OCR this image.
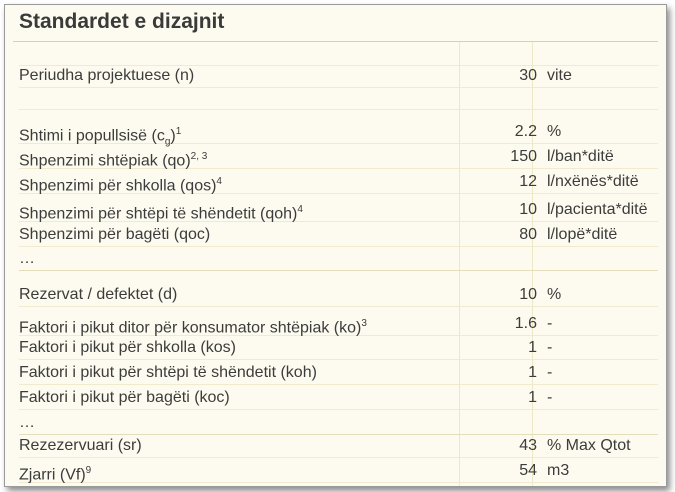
Standardet e dizajnit
Periudha projektuese (n)	30 vite
Shtimi i popullsisë $(c_g)^1$	2.2 %
Shpenzimi shtëpiak (qo)$^{2, 3}$	150 l/ban*ditë
Shpenzimi për shkolla (qos)$^4$	12 l/nxënës*ditë
Shpenzimi për shtëpi të shëndetit (qoh)$^4$	10 l/pacienta*ditë
Shpenzimi për bagëti (qoc)	80 l/lopë*ditë
…
Rezervat / defektet (d)	10 %
Faktori i pikut ditor për konsumator shtëpiak (ko)$^3$	1.6 -
Faktori i pikut për shkolla (kos)	1 -
Faktori i pikut për shtëpi të shëndetit (koh)	1 -
Faktori i pikut për bagëti (koc)	1 -
…
Rezezervuari (sr)	43 % Max Qtot
Zjarri $(Vf)^9$	54 m3
